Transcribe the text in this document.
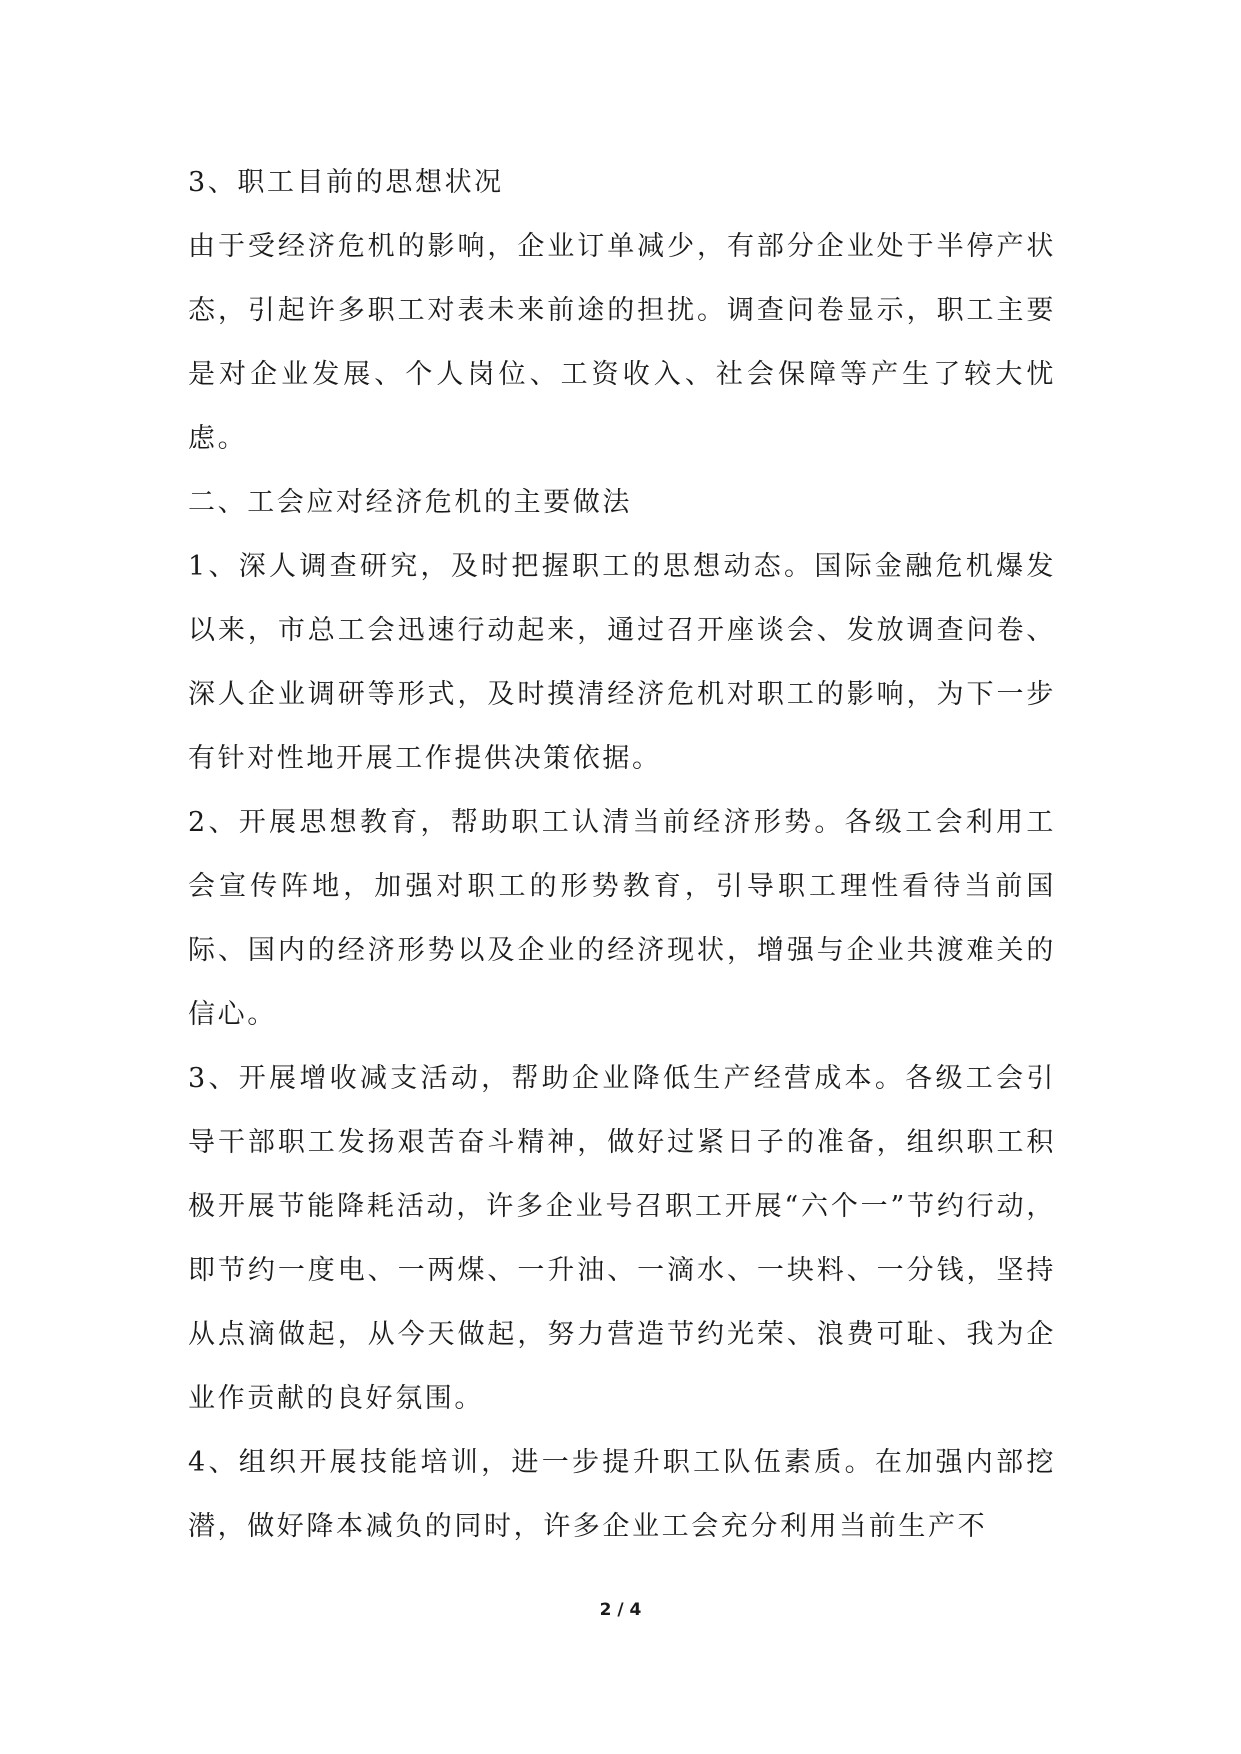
3、职工目前的思想状况

由于受经济危机的影响，企业订单减少，有部分企业处于半停产状态，引起许多职工对表未来前途的担扰。调查问卷显示，职工主要是对企业发展、个人岗位、工资收入、社会保障等产生了较大忧虑。

二、工会应对经济危机的主要做法

1、深人调查研究，及时把握职工的思想动态。国际金融危机爆发以来，市总工会迅速行动起来，通过召开座谈会、发放调查问卷、深人企业调研等形式，及时摸清经济危机对职工的影响，为下一步有针对性地开展工作提供决策依据。

2、开展思想教育，帮助职工认清当前经济形势。各级工会利用工会宣传阵地，加强对职工的形势教育，引导职工理性看待当前国际、国内的经济形势以及企业的经济现状，增强与企业共渡难关的信心。

3、开展增收减支活动，帮助企业降低生产经营成本。各级工会引导干部职工发扬艰苦奋斗精神，做好过紧日子的准备，组织职工积极开展节能降耗活动，许多企业号召职工开展“六个一”节约行动，即节约一度电、一两煤、一升油、一滴水、一块料、一分钱，坚持从点滴做起，从今天做起，努力营造节约光荣、浪费可耻、我为企业作贡献的良好氛围。

4、组织开展技能培训，进一步提升职工队伍素质。在加强内部挖潜，做好降本减负的同时，许多企业工会充分利用当前生产不

2 / 4
